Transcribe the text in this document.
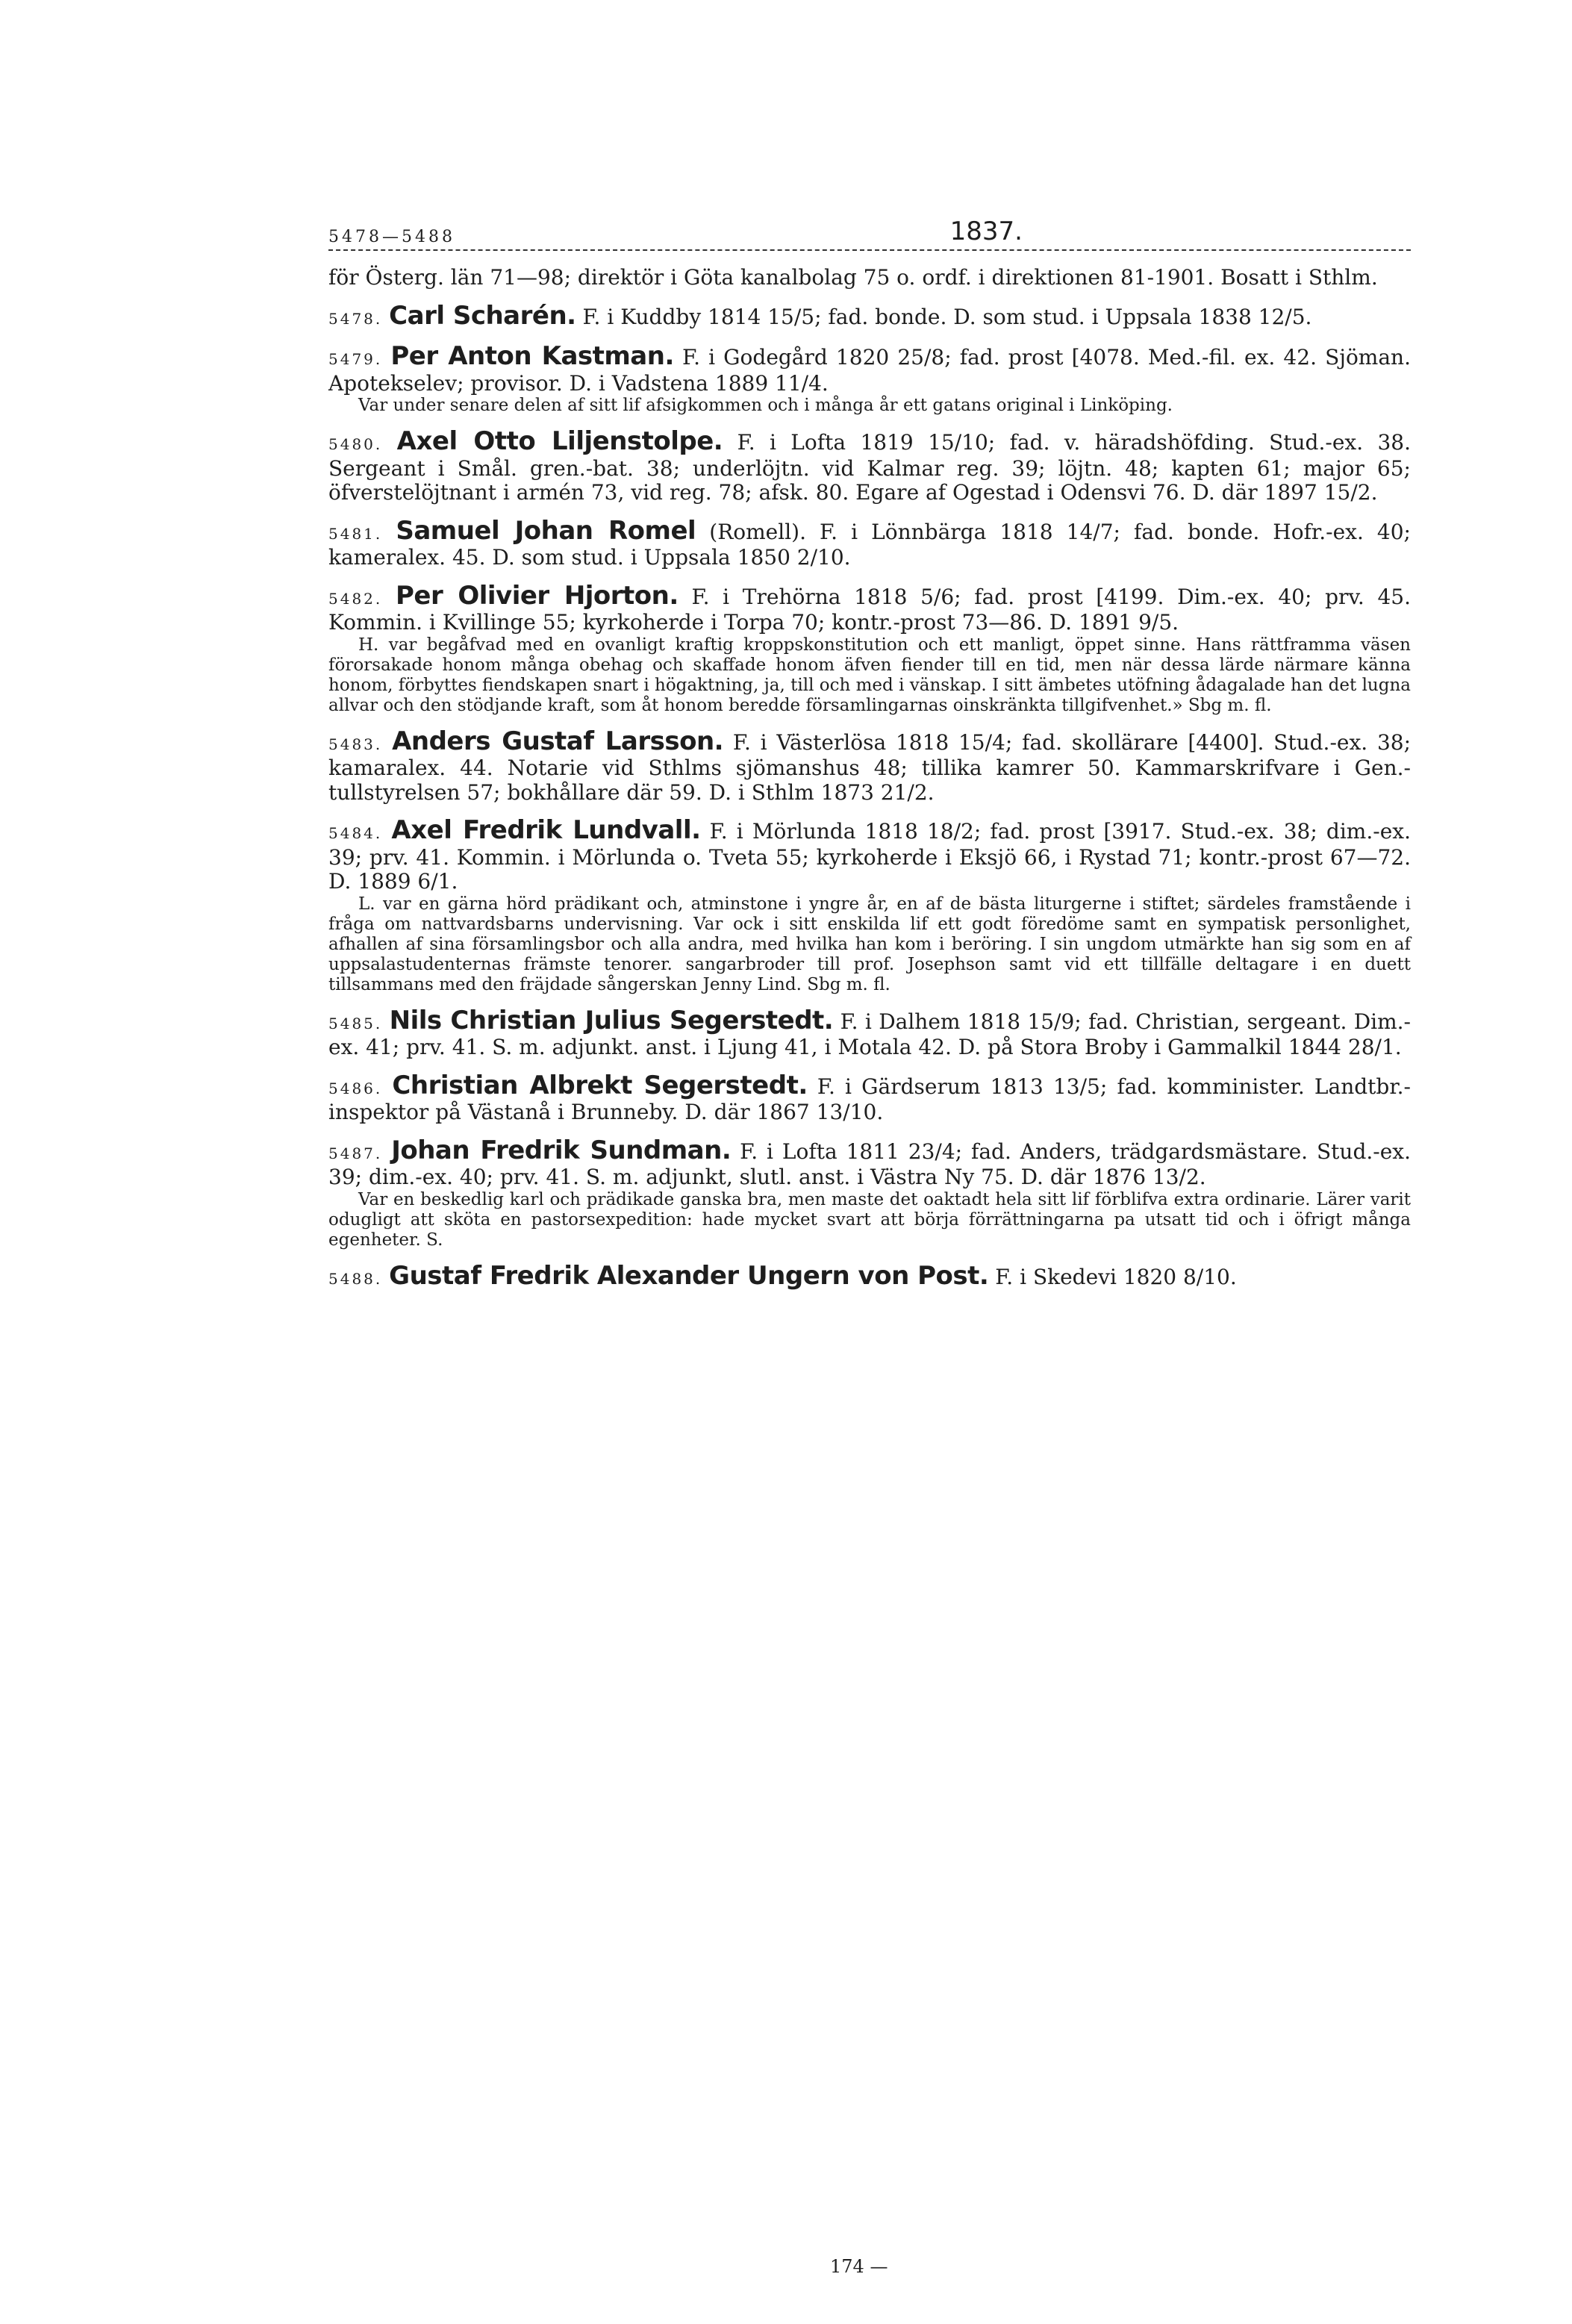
5478—5488	1837.

för Österg. län 71—98; direktör i Göta kanalbolag 75 o. ordf. i direktionen 81-1901. Bosatt i Sthlm.

5478. Carl Scharén. F. i Kuddby 1814 15/5; fad. bonde. D. som stud. i Uppsala 1838 12/5.

5479. Per Anton Kastman. F. i Godegård 1820 25/8; fad. prost [4078. Med.-fil. ex. 42. Sjöman. Apotekselev; provisor. D. i Vadstena 1889 11/4.

Var under senare delen af sitt lif afsigkommen och i många år ett gatans original i Linköping.

5480. Axel Otto Liljenstolpe. F. i Lofta 1819 15/10; fad. v. häradshöfding. Stud.-ex. 38. Sergeant i Smål. gren.-bat. 38; underlöjtn. vid Kalmar reg. 39; löjtn. 48; kapten 61; major 65; öfverstelöjtnant i armén 73, vid reg. 78; afsk. 80. Egare af Ogestad i Odensvi 76. D. där 1897 15/2.

5481. Samuel Johan Romel (Romell). F. i Lönnbärga 1818 14/7; fad. bonde. Hofr.-ex. 40; kameralex. 45. D. som stud. i Uppsala 1850 2/10.

5482. Per Olivier Hjorton. F. i Trehörna 1818 5/6; fad. prost [4199. Dim.-ex. 40; prv. 45. Kommin. i Kvillinge 55; kyrkoherde i Torpa 70; kontr.-prost 73—86. D. 1891 9/5.

H. var begåfvad med en ovanligt kraftig kroppskonstitution och ett manligt, öppet sinne. Hans rättframma väsen förorsakade honom många obehag och skaffade honom äfven fiender till en tid, men när dessa lärde närmare känna honom, förbyttes fiendskapen snart i högaktning, ja, till och med i vänskap. I sitt ämbetes utöfning ådagalade han det lugna allvar och den stödjande kraft, som åt honom beredde församlingarnas oinskränkta tillgifvenhet.» Sbg m. fl.

5483. Anders Gustaf Larsson. F. i Västerlösa 1818 15/4; fad. skollärare [4400]. Stud.-ex. 38; kamaralex. 44. Notarie vid Sthlms sjömanshus 48; tillika kamrer 50. Kammarskrifvare i Gen.-tullstyrelsen 57; bokhållare där 59. D. i Sthlm 1873 21/2.

5484. Axel Fredrik Lundvall. F. i Mörlunda 1818 18/2; fad. prost [3917. Stud.-ex. 38; dim.-ex. 39; prv. 41. Kommin. i Mörlunda o. Tveta 55; kyrkoherde i Eksjö 66, i Rystad 71; kontr.-prost 67—72. D. 1889 6/1.

L. var en gärna hörd prädikant och, atminstone i yngre år, en af de bästa liturgerne i stiftet; särdeles framstående i fråga om nattvardsbarns undervisning. Var ock i sitt enskilda lif ett godt föredöme samt en sympatisk personlighet, afhallen af sina församlingsbor och alla andra, med hvilka han kom i beröring. I sin ungdom utmärkte han sig som en af uppsalastudenternas främste tenorer. sangarbroder till prof. Josephson samt vid ett tillfälle deltagare i en duett tillsammans med den fräjdade sångerskan Jenny Lind. Sbg m. fl.

5485. Nils Christian Julius Segerstedt. F. i Dalhem 1818 15/9; fad. Christian, sergeant. Dim.-ex. 41; prv. 41. S. m. adjunkt. anst. i Ljung 41, i Motala 42. D. på Stora Broby i Gammalkil 1844 28/1.

5486. Christian Albrekt Segerstedt. F. i Gärdserum 1813 13/5; fad. komminister. Landtbr.-inspektor på Västanå i Brunneby. D. där 1867 13/10.

5487. Johan Fredrik Sundman. F. i Lofta 1811 23/4; fad. Anders, trädgardsmästare. Stud.-ex. 39; dim.-ex. 40; prv. 41. S. m. adjunkt, slutl. anst. i Västra Ny 75. D. där 1876 13/2.

Var en beskedlig karl och prädikade ganska bra, men maste det oaktadt hela sitt lif förblifva extra ordinarie. Lärer varit odugligt att sköta en pastorsexpedition: hade mycket svart att börja förrättningarna pa utsatt tid och i öfrigt många egenheter. S.

5488. Gustaf Fredrik Alexander Ungern von Post. F. i Skedevi 1820 8/10.

174 —
